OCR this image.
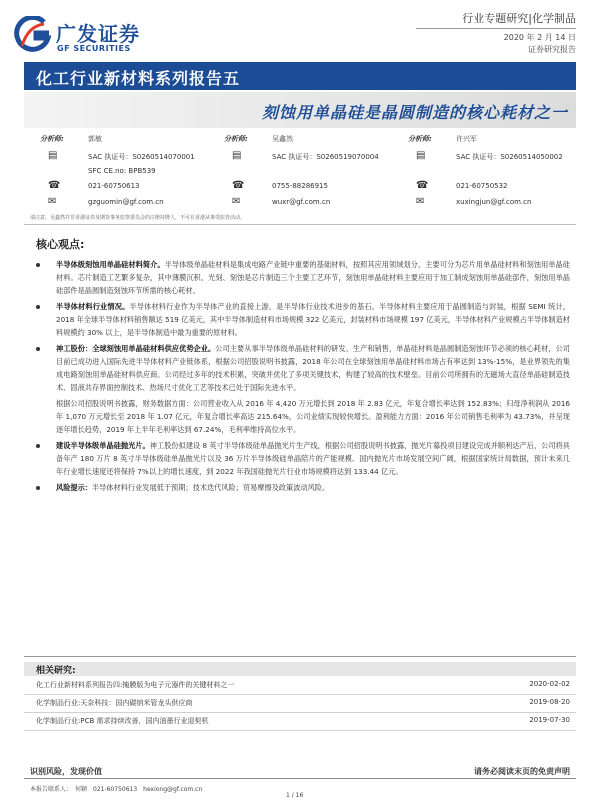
广发证券
GF SECURITIES
行业专题研究|化学制品
2020 年 2 月 14 日
证券研究报告
化工行业新材料系列报告五
刻蚀用单晶硅是晶圆制造的核心耗材之一
分析师:	郭敏
▤	SAC 执证号：S0260514070001
SFC CE.no: BPB539
☎	021-60750613
✉	gzguomin@gf.com.cn
分析师:	吴鑫然
▤	SAC 执证号：S0260519070004
☎	0755-88286915
✉	wuxr@gf.com.cn
分析师:	许兴军
▤	SAC 执证号：S0260514050002
☎	021-60750532
✉	xuxingjun@gf.com.cn
请注意，吴鑫然并非香港证券及期货事务监察委员会的注册持牌人，不可在香港从事受监管活动。
核心观点:
半导体级刻蚀用单晶硅材料简介。半导体级单晶硅材料是集成电路产业链中重要的基础材料，按照其应用领域划分，主要可分为芯片用单晶硅材料和刻蚀用单晶硅材料。芯片制造工艺繁多复杂，其中薄膜沉积、光刻、刻蚀是芯片制造三个主要工艺环节，刻蚀用单晶硅材料主要应用于加工制成刻蚀用单晶硅部件，刻蚀用单晶硅部件是晶圆制造刻蚀环节所需的核心耗材。
半导体材料行业情况。半导体材料行业作为半导体产业的直接上游，是半导体行业技术进步的基石。半导体材料主要应用于晶圆制造与封装，根据 SEMI 统计，2018 年全球半导体材料销售额达 519 亿美元，其中半导体制造材料市场规模 322 亿美元，封装材料市场规模 197 亿美元，半导体材料产业规模占半导体制造材料规模约 30% 以上，是半导体制造中最为重要的原材料。
神工股份：全球刻蚀用单晶硅材料供应优势企业。公司主要从事半导体级单晶硅材料的研发、生产和销售，单晶硅材料是晶圆制造刻蚀环节必须的核心耗材，公司目前已成功进入国际先进半导体材料产业链体系，根据公司招股说明书披露，2018 年公司在全球刻蚀用单晶硅材料市场占有率达到 13%-15%，是业界领先的集成电路刻蚀用单晶硅材料供应商。公司经过多年的技术积累，突破并优化了多项关键技术，构建了较高的技术壁垒。目前公司所拥有的无磁场大直径单晶硅制造技术、固液共存界面控制技术、热场尺寸优化工艺等技术已处于国际先进水平。
根据公司招股说明书披露，财务数据方面：公司营业收入从 2016 年 4,420 万元增长到 2018 年 2.83 亿元，年复合增长率达到 152.83%；归母净利润从 2016 年 1,070 万元增长至 2018 年 1.07 亿元，年复合增长率高达 215.64%，公司业绩实现较快增长。盈利能力方面：2016 年公司销售毛利率为 43.73%，并呈现逐年增长趋势，2019 年上半年毛利率达到 67.24%，毛利率维持高位水平。
建设半导体级单晶硅抛光片。神工股份拟建设 8 英寸半导体级硅单晶抛光片生产线，根据公司招股说明书披露，抛光片募投项目建设完成并顺利达产后，公司将具备年产 180 万片 8 英寸半导体级硅单晶抛光片以及 36 万片半导体级硅单晶陪片的产能规模。国内抛光片市场发展空间广阔，根据国家统计局数据，预计未来几年行业增长速度还将保持 7%以上的增长速度，到 2022 年我国硅抛光片行业市场规模将达到 133.44 亿元。
风险提示：半导体材料行业发展低于预期；技术迭代风险；贸易摩擦及政策波动风险。
相关研究:
化工行业新材料系列报告四:掩膜版为电子元器件的关键材料之一	2020-02-02
化学制品行业:天奈科技：国内碳纳米管龙头供应商	2019-08-20
化学制品行业:PCB 需求持续改善，国内油墨行业迎契机	2019-07-30
识别风险，发现价值	请务必阅读末页的免责声明
本报告联系人：　何颖　021-60750613　hexiong@gf.com.cn
1 / 16
